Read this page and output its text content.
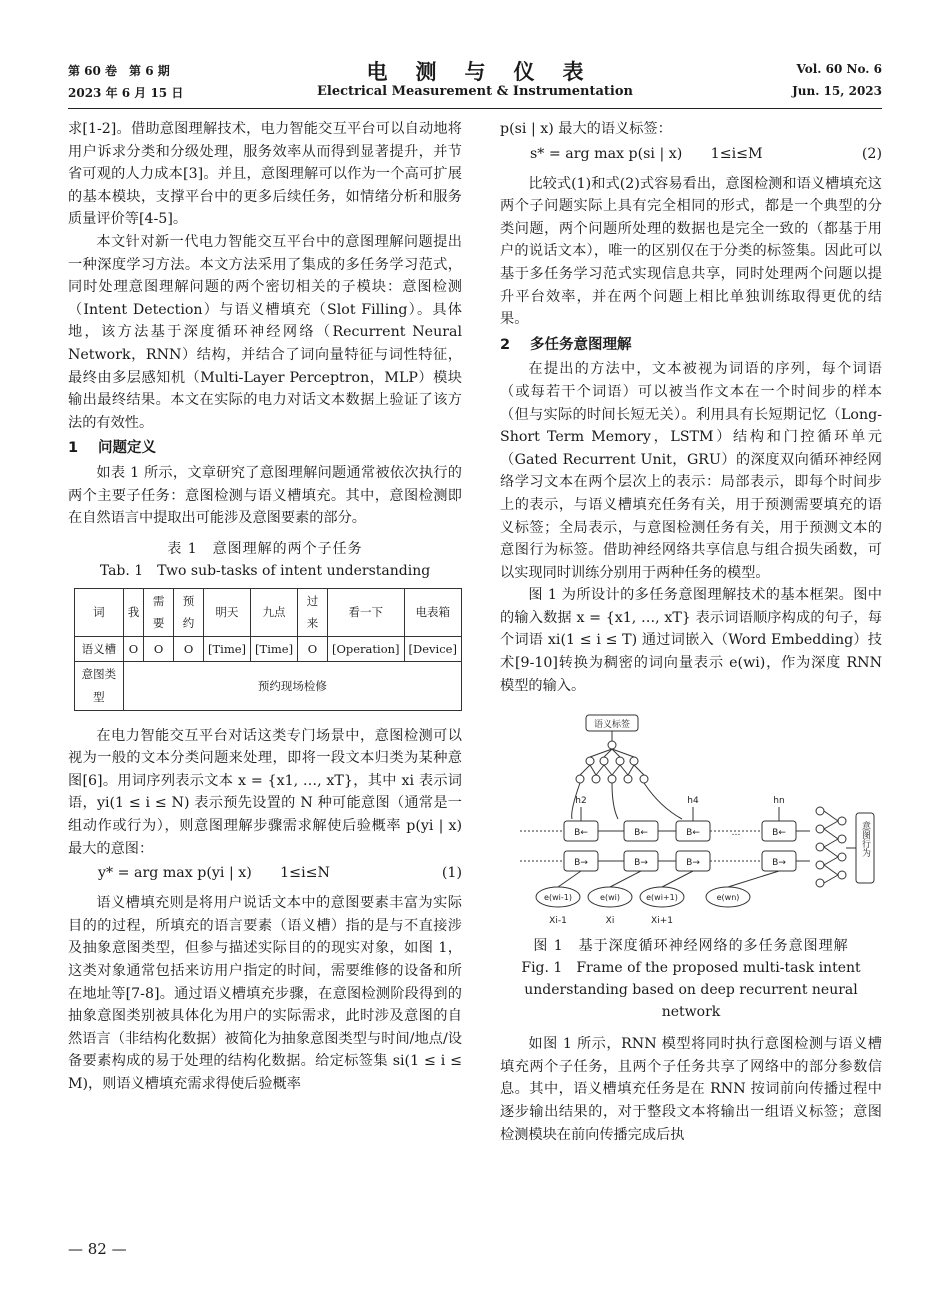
第 60 卷　第 6 期
2023 年 6 月 15 日
电测与仪表
Electrical Measurement & Instrumentation
Vol. 60 No. 6
Jun. 15, 2023

求[1-2]。借助意图理解技术，电力智能交互平台可以自动地将用户诉求分类和分级处理，服务效率从而得到显著提升，并节省可观的人力成本[3]。并且，意图理解可以作为一个高可扩展的基本模块，支撑平台中的更多后续任务，如情绪分析和服务质量评价等[4-5]。

本文针对新一代电力智能交互平台中的意图理解问题提出一种深度学习方法。本文方法采用了集成的多任务学习范式，同时处理意图理解问题的两个密切相关的子模块：意图检测（Intent Detection）与语义槽填充（Slot Filling）。具体地，该方法基于深度循环神经网络（Recurrent Neural Network，RNN）结构，并结合了词向量特征与词性特征，最终由多层感知机（Multi-Layer Perceptron，MLP）模块输出最终结果。本文在实际的电力对话文本数据上验证了该方法的有效性。

1 问题定义

如表 1 所示，文章研究了意图理解问题通常被依次执行的两个主要子任务：意图检测与语义槽填充。其中，意图检测即在自然语言中提取出可能涉及意图要素的部分。

表 1　意图理解的两个子任务
Tab. 1　Two sub-tasks of intent understanding
词	我	需要	预约	明天	九点	过来	看一下	电表箱
语义槽	O	O	O	[Time]	[Time]	O	[Operation]	[Device]
意图类型	预约现场检修							

在电力智能交互平台对话这类专门场景中，意图检测可以视为一般的文本分类问题来处理，即将一段文本归类为某种意图[6]。用词序列表示文本 x = {x1, …, xT}，其中 xi 表示词语，yi(1 ≤ i ≤ N) 表示预先设置的 N 种可能意图（通常是一组动作或行为），则意图理解步骤需求解使后验概率 p(yi | x) 最大的意图：

y* = arg max p(yi | x)　　1≤i≤N	(1)

语义槽填充则是将用户说话文本中的意图要素丰富为实际目的的过程，所填充的语言要素（语义槽）指的是与不直接涉及抽象意图类型，但参与描述实际目的的现实对象，如图 1，这类对象通常包括来访用户指定的时间，需要维修的设备和所在地址等[7-8]。通过语义槽填充步骤，在意图检测阶段得到的抽象意图类别被具体化为用户的实际需求，此时涉及意图的自然语言（非结构化数据）被简化为抽象意图类型与时间/地点/设备要素构成的易于处理的结构化数据。给定标签集 si(1 ≤ i ≤ M)，则语义槽填充需求得使后验概率

p(si | x) 最大的语义标签：

s* = arg max p(si | x)　　1≤i≤M	(2)

比较式(1)和式(2)式容易看出，意图检测和语义槽填充这两个子问题实际上具有完全相同的形式，都是一个典型的分类问题，两个问题所处理的数据也是完全一致的（都基于用户的说话文本），唯一的区别仅在于分类的标签集。因此可以基于多任务学习范式实现信息共享，同时处理两个问题以提升平台效率，并在两个问题上相比单独训练取得更优的结果。

2 多任务意图理解

在提出的方法中，文本被视为词语的序列，每个词语（或每若干个词语）可以被当作文本在一个时间步的样本（但与实际的时间长短无关）。利用具有长短期记忆（Long-Short Term Memory，LSTM）结构和门控循环单元（Gated Recurrent Unit，GRU）的深度双向循环神经网络学习文本在两个层次上的表示：局部表示，即每个时间步上的表示，与语义槽填充任务有关，用于预测需要填充的语义标签；全局表示，与意图检测任务有关，用于预测文本的意图行为标签。借助神经网络共享信息与组合损失函数，可以实现同时训练分别用于两种任务的模型。

图 1 为所设计的多任务意图理解技术的基本框架。图中的输入数据 x = {x1, …, xT} 表示词语顺序构成的句子，每个词语 xi(1 ≤ i ≤ T) 通过词嵌入（Word Embedding）技术[9-10]转换为稠密的词向量表示 e(wi)，作为深度 RNN 模型的输入。

语义标签
h2	h4	hn
B←
B→
B←
B→
B←
B→
B←
B→
e(wi-1)	e(wi)	e(wi+1)	e(wn)
Xi-1	Xi	Xi+1
…	意图行为
图 1　基于深度循环神经网络的多任务意图理解
Fig. 1　Frame of the proposed multi-task intent
understanding based on deep recurrent neural network

如图 1 所示，RNN 模型将同时执行意图检测与语义槽填充两个子任务，且两个子任务共享了网络中的部分参数信息。其中，语义槽填充任务是在 RNN 按词前向传播过程中逐步输出结果的，对于整段文本将输出一组语义标签；意图检测模块在前向传播完成后执

— 82 —
